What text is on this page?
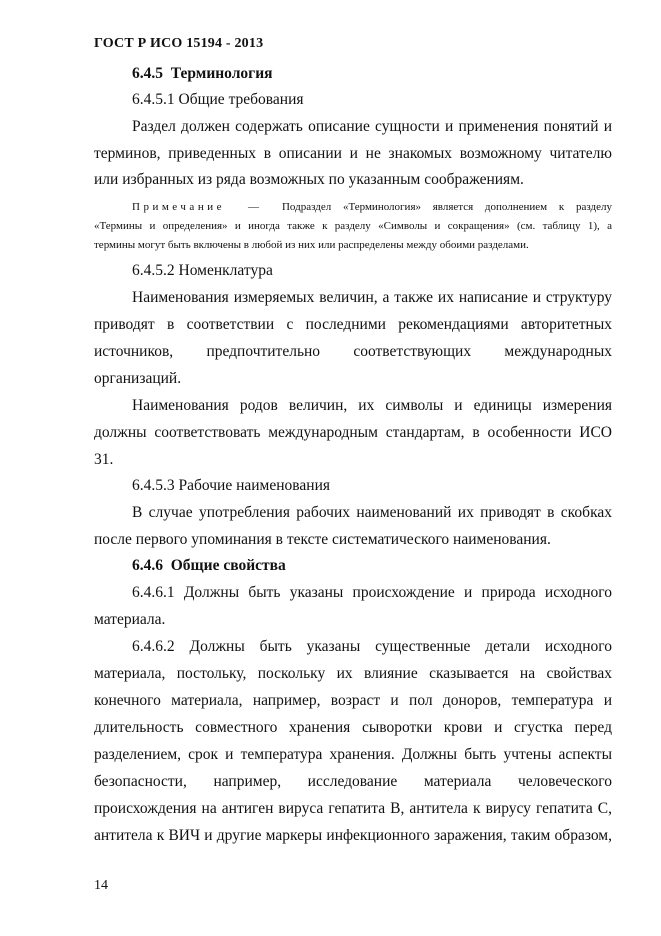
ГОСТ Р ИСО 15194 - 2013
6.4.5 Терминология
6.4.5.1 Общие требования
Раздел должен содержать описание сущности и применения понятий и
терминов, приведенных в описании и не знакомых возможному читателю
или избранных из ряда возможных по указанным соображениям.
Примечание — Подраздел «Терминология» является дополнением к разделу
«Термины и определения» и иногда также к разделу «Символы и сокращения» (см. таблицу 1), а
термины могут быть включены в любой из них или распределены между обоими разделами.
6.4.5.2 Номенклатура
Наименования измеряемых величин, а также их написание и структуру
приводят в соответствии с последними рекомендациями авторитетных
источников, предпочтительно соответствующих международных
организаций.
Наименования родов величин, их символы и единицы измерения
должны соответствовать международным стандартам, в особенности ИСО
31.
6.4.5.3 Рабочие наименования
В случае употребления рабочих наименований их приводят в скобках
после первого упоминания в тексте систематического наименования.
6.4.6 Общие свойства
6.4.6.1 Должны быть указаны происхождение и природа исходного
материала.
6.4.6.2 Должны быть указаны существенные детали исходного
материала, постольку, поскольку их влияние сказывается на свойствах
конечного материала, например, возраст и пол доноров, температура и
длительность совместного хранения сыворотки крови и сгустка перед
разделением, срок и температура хранения. Должны быть учтены аспекты
безопасности, например, исследование материала человеческого
происхождения на антиген вируса гепатита В, антитела к вирусу гепатита С,
антитела к ВИЧ и другие маркеры инфекционного заражения, таким образом,
14
